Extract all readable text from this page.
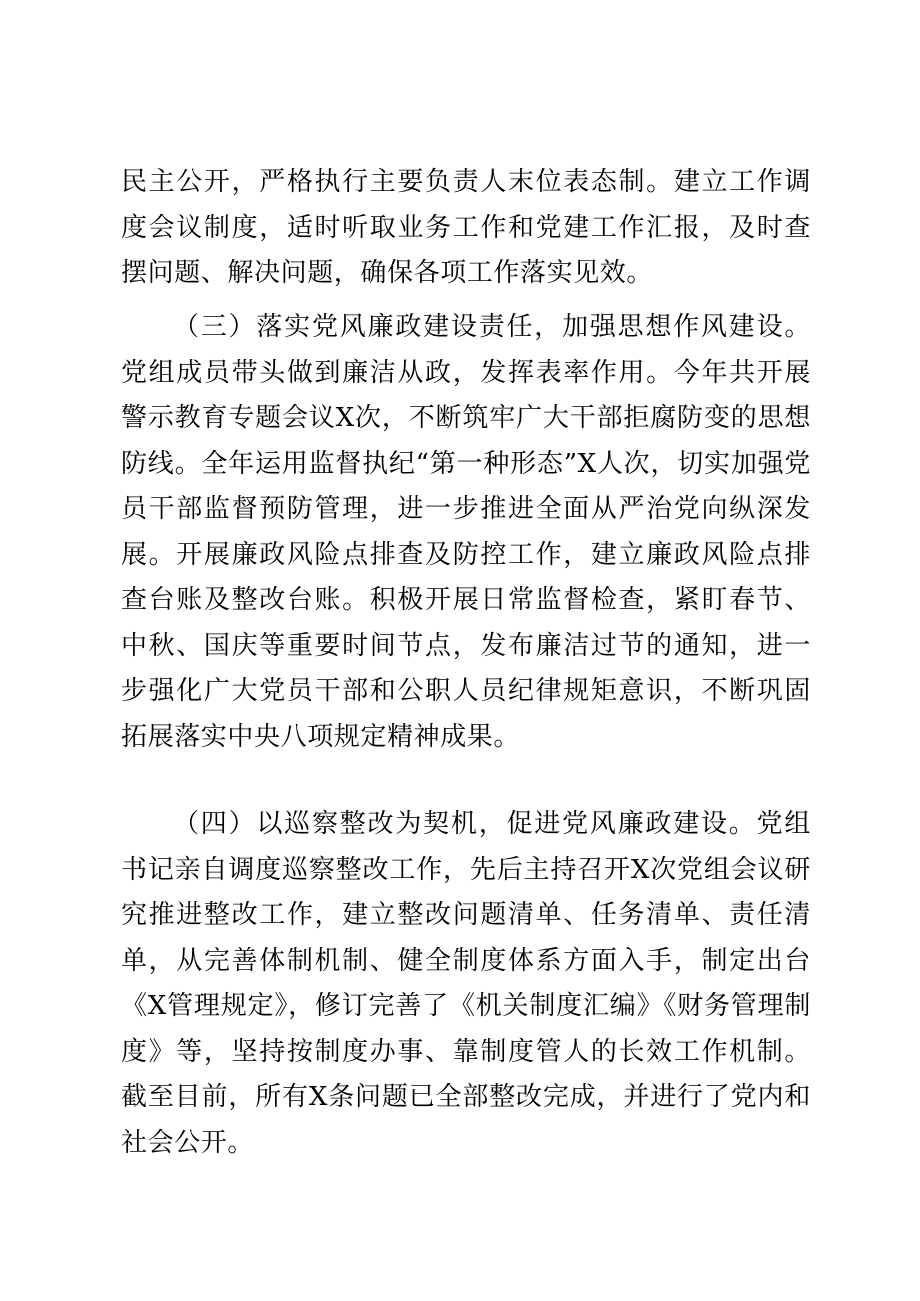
民主公开，严格执行主要负责人末位表态制。建立工作调度会议制度，适时听取业务工作和党建工作汇报，及时查摆问题、解决问题，确保各项工作落实见效。

（三）落实党风廉政建设责任，加强思想作风建设。党组成员带头做到廉洁从政，发挥表率作用。今年共开展警示教育专题会议X次，不断筑牢广大干部拒腐防变的思想防线。全年运用监督执纪“第一种形态”X人次，切实加强党员干部监督预防管理，进一步推进全面从严治党向纵深发展。开展廉政风险点排查及防控工作，建立廉政风险点排查台账及整改台账。积极开展日常监督检查，紧盯春节、中秋、国庆等重要时间节点，发布廉洁过节的通知，进一步强化广大党员干部和公职人员纪律规矩意识，不断巩固拓展落实中央八项规定精神成果。

（四）以巡察整改为契机，促进党风廉政建设。党组书记亲自调度巡察整改工作，先后主持召开X次党组会议研究推进整改工作，建立整改问题清单、任务清单、责任清单，从完善体制机制、健全制度体系方面入手，制定出台《X管理规定》，修订完善了《机关制度汇编》《财务管理制度》等，坚持按制度办事、靠制度管人的长效工作机制。截至目前，所有X条问题已全部整改完成，并进行了党内和社会公开。
